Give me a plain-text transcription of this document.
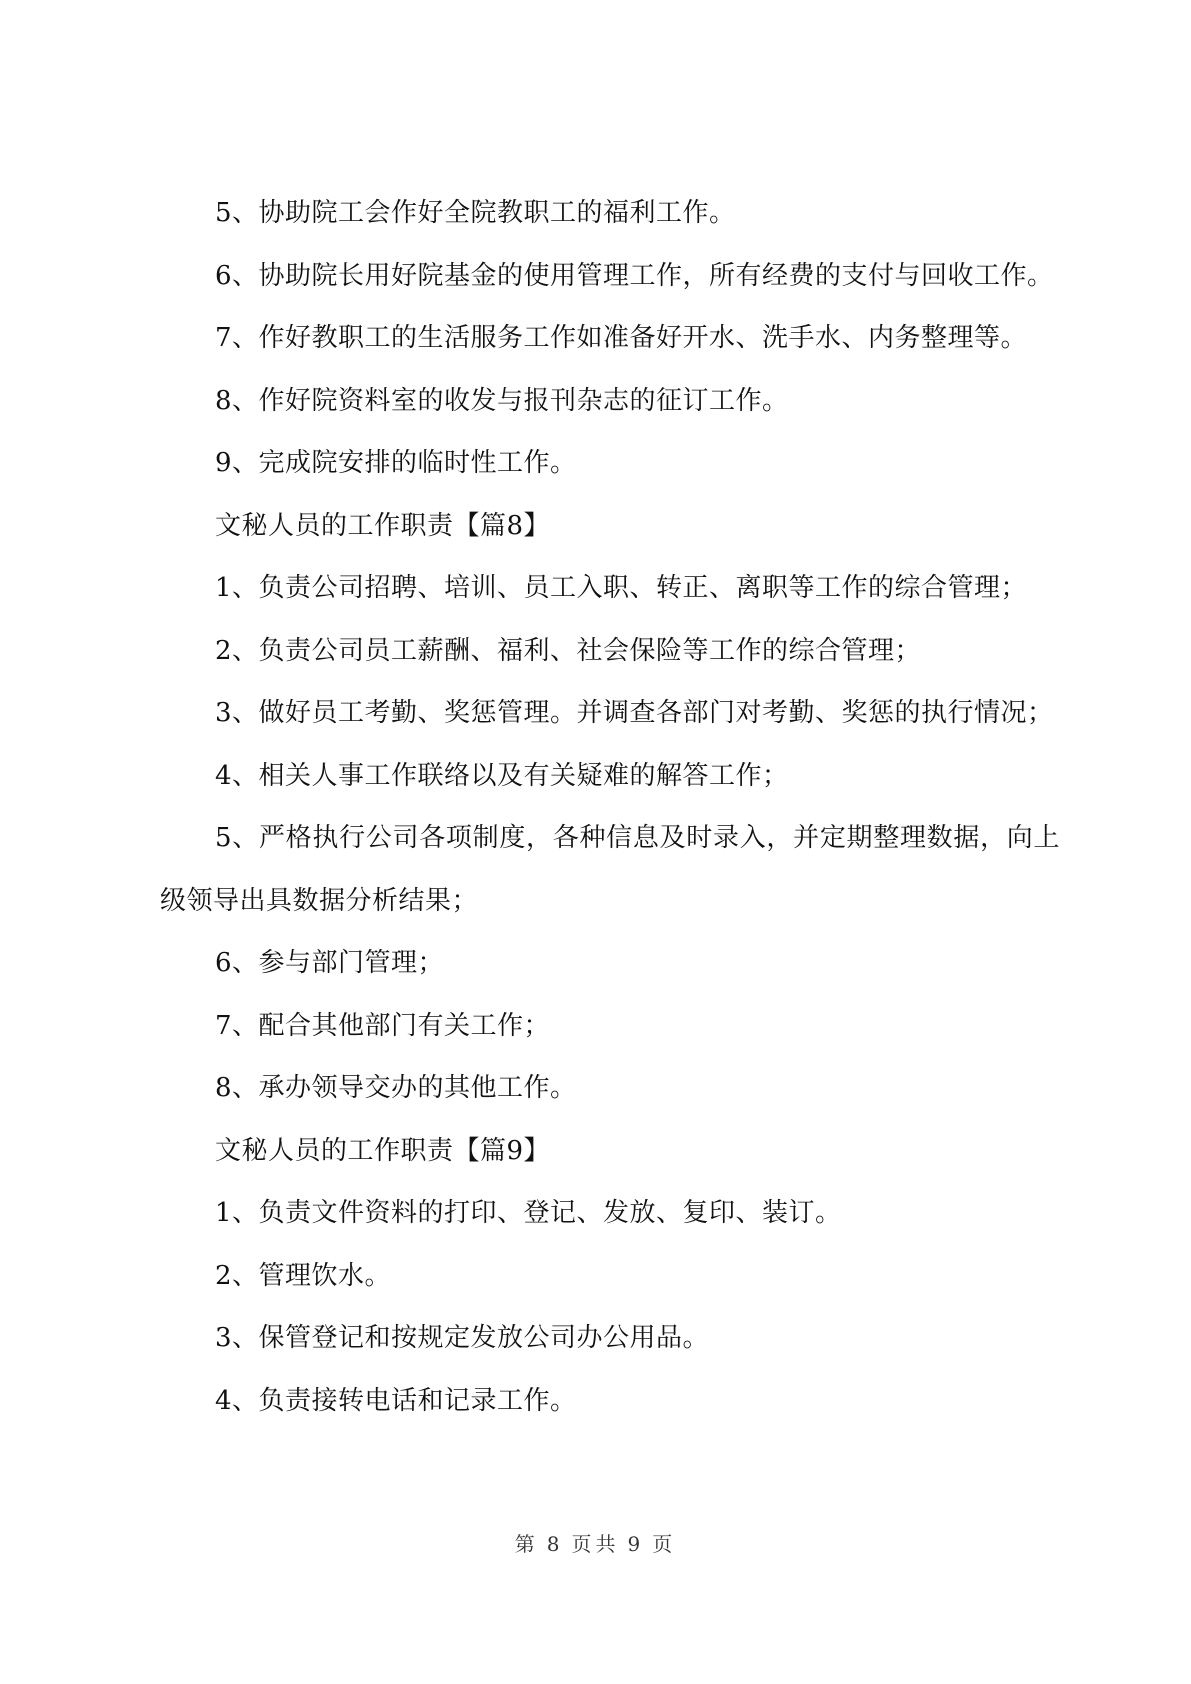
5、协助院工会作好全院教职工的福利工作。

6、协助院长用好院基金的使用管理工作，所有经费的支付与回收工作。

7、作好教职工的生活服务工作如准备好开水、洗手水、内务整理等。

8、作好院资料室的收发与报刊杂志的征订工作。

9、完成院安排的临时性工作。

文秘人员的工作职责【篇8】

1、负责公司招聘、培训、员工入职、转正、离职等工作的综合管理；

2、负责公司员工薪酬、福利、社会保险等工作的综合管理；

3、做好员工考勤、奖惩管理。并调查各部门对考勤、奖惩的执行情况；

4、相关人事工作联络以及有关疑难的解答工作；

5、严格执行公司各项制度，各种信息及时录入，并定期整理数据，向上级领导出具数据分析结果；

6、参与部门管理；

7、配合其他部门有关工作；

8、承办领导交办的其他工作。

文秘人员的工作职责【篇9】

1、负责文件资料的打印、登记、发放、复印、装订。

2、管理饮水。

3、保管登记和按规定发放公司办公用品。

4、负责接转电话和记录工作。

第 8 页共 9 页
